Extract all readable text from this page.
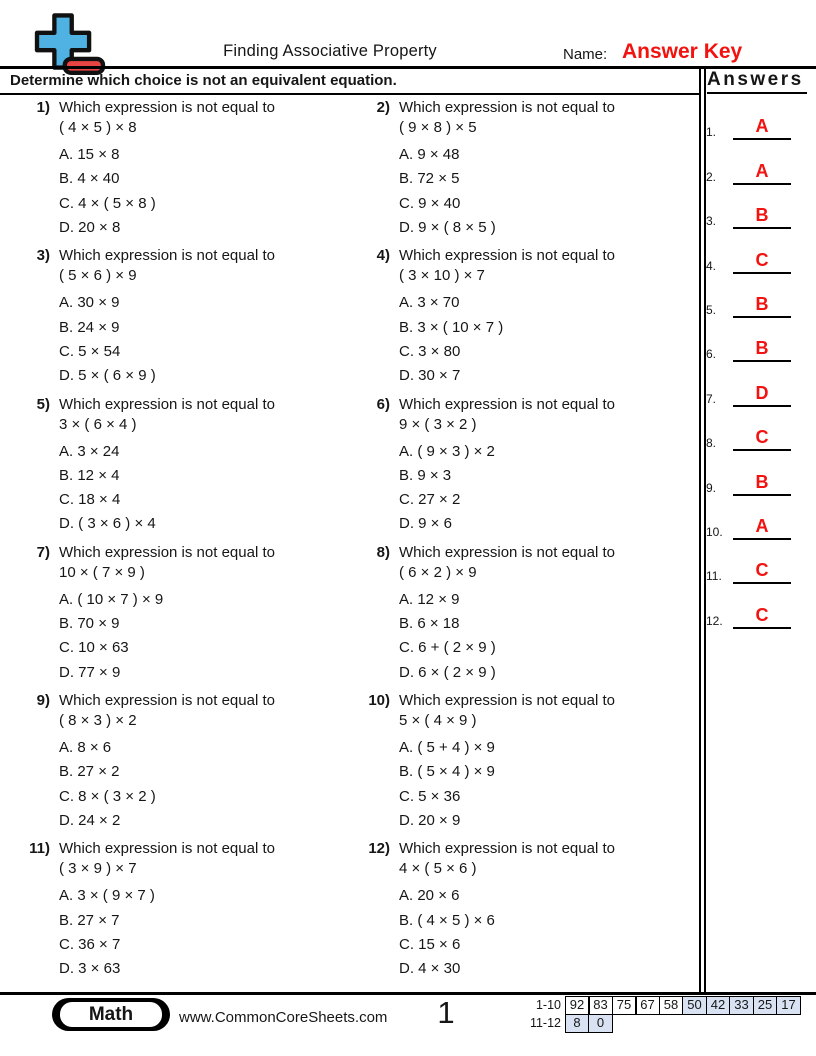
Finding Associative Property	Name: Answer Key
Determine which choice is not an equivalent equation.	Answers
1.	A
2.	A
3.	B
4.	C
5.	B
6.	B
7.	D
8.	C
9.	B
10.	A
11.	C
12.	C
1) Which expression is not equal to
( 4 × 5 ) × 8
A. 15 × 8
B. 4 × 40
C. 4 × ( 5 × 8 )
D. 20 × 8
2) Which expression is not equal to
( 9 × 8 ) × 5
A. 9 × 48
B. 72 × 5
C. 9 × 40
D. 9 × ( 8 × 5 )
3) Which expression is not equal to
( 5 × 6 ) × 9
A. 30 × 9
B. 24 × 9
C. 5 × 54
D. 5 × ( 6 × 9 )
4) Which expression is not equal to
( 3 × 10 ) × 7
A. 3 × 70
B. 3 × ( 10 × 7 )
C. 3 × 80
D. 30 × 7
5) Which expression is not equal to
3 × ( 6 × 4 )
A. 3 × 24
B. 12 × 4
C. 18 × 4
D. ( 3 × 6 ) × 4
6) Which expression is not equal to
9 × ( 3 × 2 )
A. ( 9 × 3 ) × 2
B. 9 × 3
C. 27 × 2
D. 9 × 6
7) Which expression is not equal to
10 × ( 7 × 9 )
A. ( 10 × 7 ) × 9
B. 70 × 9
C. 10 × 63
D. 77 × 9
8) Which expression is not equal to
( 6 × 2 ) × 9
A. 12 × 9
B. 6 × 18
C. 6 + ( 2 × 9 )
D. 6 × ( 2 × 9 )
9) Which expression is not equal to
( 8 × 3 ) × 2
A. 8 × 6
B. 27 × 2
C. 8 × ( 3 × 2 )
D. 24 × 2
10) Which expression is not equal to
5 × ( 4 × 9 )
A. ( 5 + 4 ) × 9
B. ( 5 × 4 ) × 9
C. 5 × 36
D. 20 × 9
11) Which expression is not equal to
( 3 × 9 ) × 7
A. 3 × ( 9 × 7 )
B. 27 × 7
C. 36 × 7
D. 3 × 63
12) Which expression is not equal to
4 × ( 5 × 6 )
A. 20 × 6
B. ( 4 × 5 ) × 6
C. 15 × 6
D. 4 × 30
Math	www.CommonCoreSheets.com	1	1-10 92 83 75 67 58 50 42 33 25 17
11-12 8	0
